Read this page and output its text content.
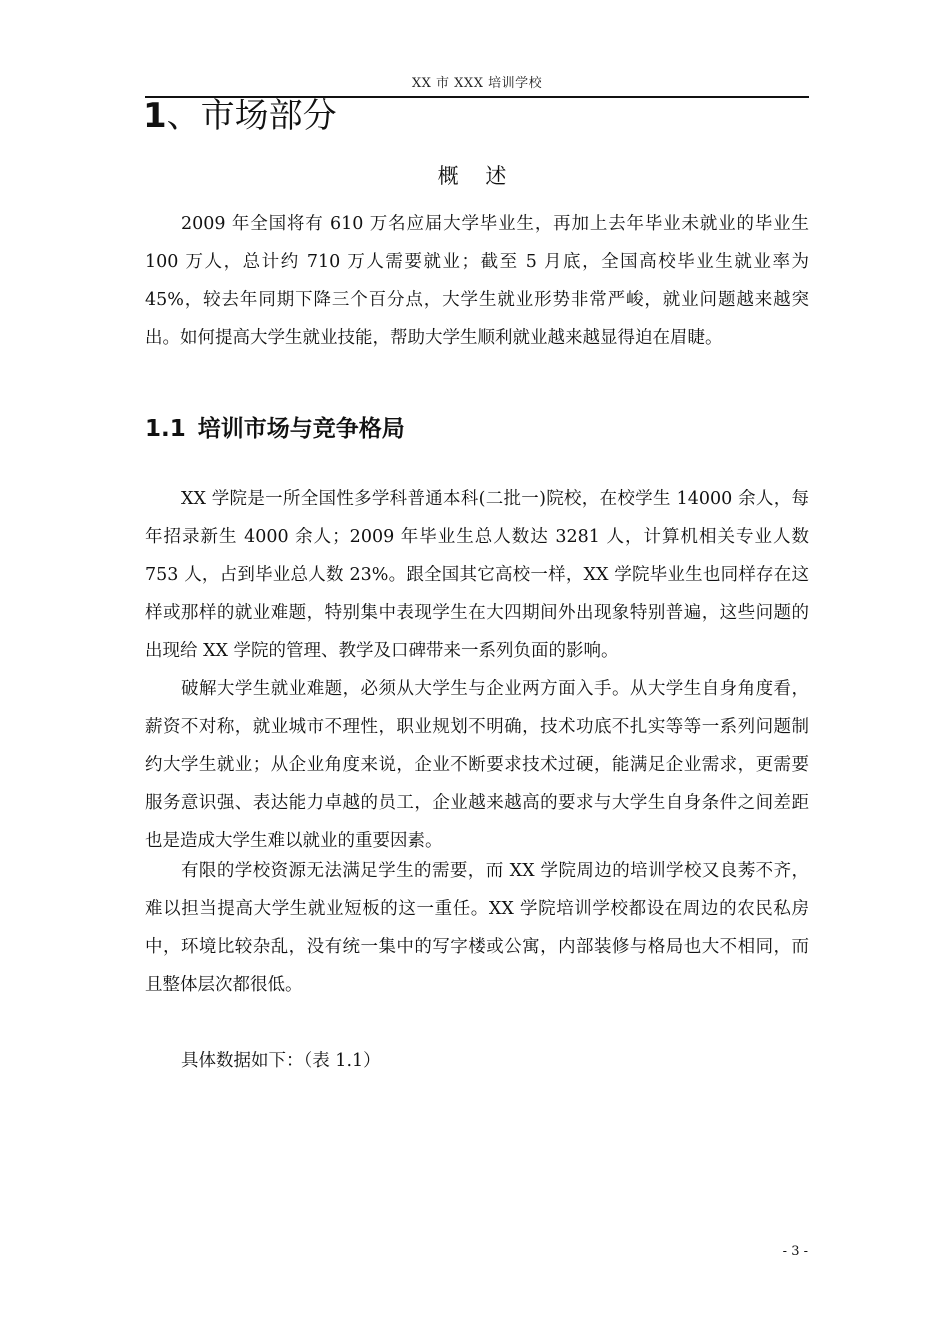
XX 市 XXX 培训学校
1、市场部分
概 述

2009 年全国将有 610 万名应届大学毕业生，再加上去年毕业未就业的毕业生 100 万人，总计约 710 万人需要就业；截至 5 月底，全国高校毕业生就业率为 45%，较去年同期下降三个百分点，大学生就业形势非常严峻，就业问题越来越突出。如何提高大学生就业技能，帮助大学生顺利就业越来越显得迫在眉睫。

1.1 培训市场与竞争格局

XX 学院是一所全国性多学科普通本科(二批一)院校，在校学生 14000 余人，每年招录新生 4000 余人；2009 年毕业生总人数达 3281 人，计算机相关专业人数 753 人，占到毕业总人数 23%。跟全国其它高校一样，XX 学院毕业生也同样存在这样或那样的就业难题，特别集中表现学生在大四期间外出现象特别普遍，这些问题的出现给 XX 学院的管理、教学及口碑带来一系列负面的影响。

破解大学生就业难题，必须从大学生与企业两方面入手。从大学生自身角度看，薪资不对称，就业城市不理性，职业规划不明确，技术功底不扎实等等一系列问题制约大学生就业；从企业角度来说，企业不断要求技术过硬，能满足企业需求，更需要服务意识强、表达能力卓越的员工，企业越来越高的要求与大学生自身条件之间差距也是造成大学生难以就业的重要因素。

有限的学校资源无法满足学生的需要，而 XX 学院周边的培训学校又良莠不齐，难以担当提高大学生就业短板的这一重任。XX 学院培训学校都设在周边的农民私房中，环境比较杂乱，没有统一集中的写字楼或公寓，内部装修与格局也大不相同，而且整体层次都很低。

具体数据如下：（表 1.1）

- 3 -
